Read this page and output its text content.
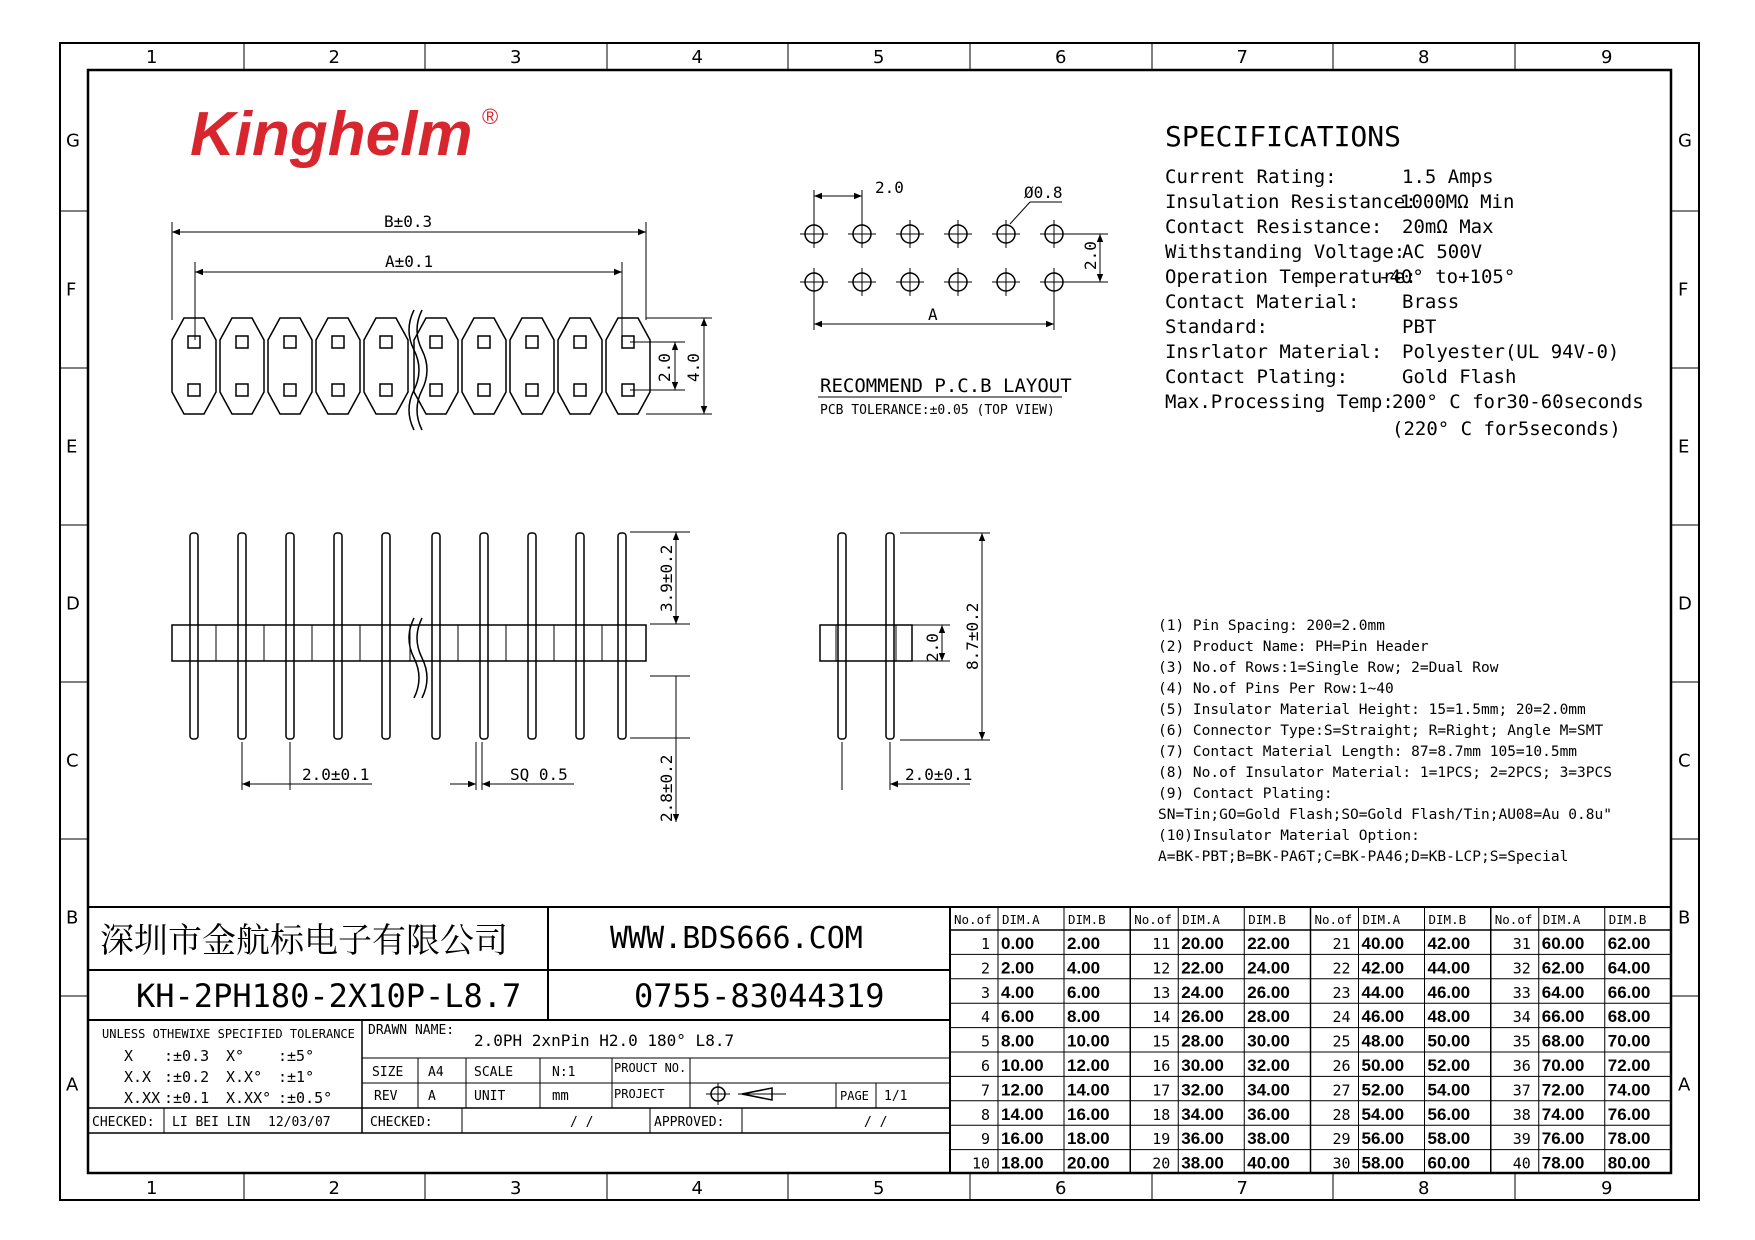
1
1
2
2
3
3
4
4
5
5
6
6
7
7
8
8
9
9
G	G
F	F
E	E
D	D
C	C
B	B
A	A
Kinghelm ®
B±0.3
A±0.1
2.0 4.0
2.0	Ø0.8
2.0
A
RECOMMEND P.C.B LAYOUT
PCB TOLERANCE:±0.05 (TOP VIEW)
SPECIFICATIONS
Current Rating:	1.5 Amps
Insulation Resistance:
1000MΩ Min
Contact Resistance: 20mΩ Max
Withstanding Voltage:
AC 500V
Operation Temperature:
-40° to+105°
Contact Material: Brass
Standard:	PBT
Insrlator Material: Polyester(UL 94V-0)
Contact Plating:	Gold Flash
Max.Processing Temp:
200° C for30-60seconds
(220° C for5seconds)
3.9±0.2
2.8±0.2
2.0±0.1	SQ 0.5
8.7±0.2
2.0
2.0±0.1
(1) Pin Spacing: 200=2.0mm
(2) Product Name: PH=Pin Header
(3) No.of Rows:1=Single Row; 2=Dual Row
(4) No.of Pins Per Row:1~40
(5) Insulator Material Height: 15=1.5mm; 20=2.0mm
(6) Connector Type:S=Straight; R=Right; Angle M=SMT
(7) Contact Material Length: 87=8.7mm 105=10.5mm
(8) No.of Insulator Material: 1=1PCS; 2=2PCS; 3=3PCS
(9) Contact Plating:
SN=Tin;GO=Gold Flash;SO=Gold Flash/Tin;AU08=Au 0.8u"
(10)Insulator Material Option:
A=BK-PBT;B=BK-PA6T;C=BK-PA46;D=KB-LCP;S=Special
深圳市金航标电子有限公司	WWW.BDS666.COM
KH-2PH180-2X10P-L8.7	0755-83044319
UNLESS OTHEWIXE SPECIFIED TOLERANCE
X :±0.3 X° :±5°
X.X :±0.2 X.X° :±1°
X.XX :±0.1 X.XX° :±0.5°
DRAWN NAME:
2.0PH 2xnPin H2.0 180° L8.7
SIZE A4 SCALE	N:1	PROUCT NO.
REV A	UNIT	mm	PROJECT	PAGE 1/1
CHECKED: LI BEI LIN 12/03/07	CHECKED:	/ /	APPROVED:	/ /
No.of DIM.A DIM.B
1 0.00 2.00
2 2.00 4.00
3 4.00 6.00
4 6.00 8.00
5 8.00 10.00
6 10.00 12.00
7 12.00 14.00
8 14.00 16.00
9 16.00 18.00
10 18.00 20.00
No.of DIM.A DIM.B
11 20.00 22.00
12 22.00 24.00
13 24.00 26.00
14 26.00 28.00
15 28.00 30.00
16 30.00 32.00
17 32.00 34.00
18 34.00 36.00
19 36.00 38.00
20 38.00 40.00
No.of DIM.A DIM.B
21 40.00 42.00
22 42.00 44.00
23 44.00 46.00
24 46.00 48.00
25 48.00 50.00
26 50.00 52.00
27 52.00 54.00
28 54.00 56.00
29 56.00 58.00
30 58.00 60.00
No.of DIM.A DIM.B
31 60.00 62.00
32 62.00 64.00
33 64.00 66.00
34 66.00 68.00
35 68.00 70.00
36 70.00 72.00
37 72.00 74.00
38 74.00 76.00
39 76.00 78.00
40 78.00 80.00
